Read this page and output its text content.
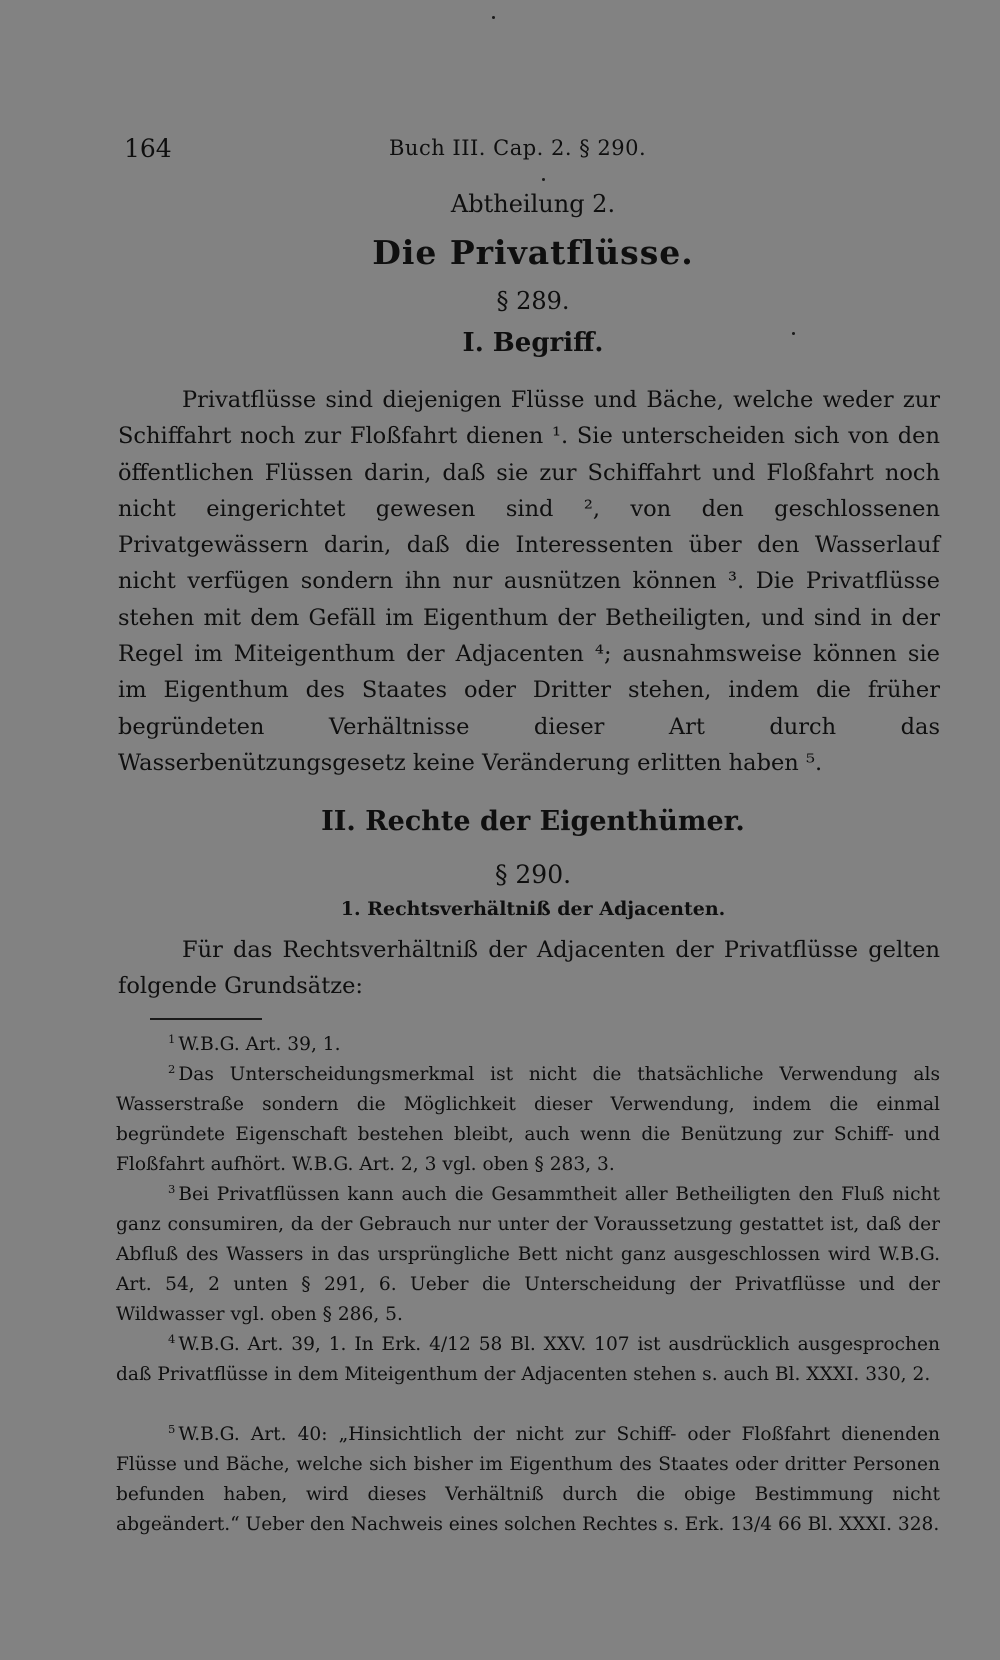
164	Buch III. Cap. 2. § 290.
Abtheilung 2.
Die Privatflüsse.
§ 289.
I. Begriff.
Privatflüsse sind diejenigen Flüsse und Bäche, welche weder zur Schiffahrt noch zur Floßfahrt dienen ¹. Sie unterscheiden sich von den öffentlichen Flüssen darin, daß sie zur Schiffahrt und Floßfahrt noch nicht eingerichtet gewesen sind ², von den geschlossenen Privatgewässern darin, daß die Interessenten über den Wasserlauf nicht verfügen sondern ihn nur ausnützen können ³. Die Privatflüsse stehen mit dem Gefäll im Eigenthum der Betheiligten, und sind in der Regel im Miteigenthum der Adjacenten ⁴; ausnahmsweise können sie im Eigenthum des Staates oder Dritter stehen, indem die früher begründeten Verhältnisse dieser Art durch das Wasserbenützungsgesetz keine Veränderung erlitten haben ⁵.
II. Rechte der Eigenthümer.
§ 290.
1. Rechtsverhältniß der Adjacenten.
Für das Rechtsverhältniß der Adjacenten der Privatflüsse gelten folgende Grundsätze:
$^1$ W.B.G. Art. 39, 1.
$^2$ Das Unterscheidungsmerkmal ist nicht die thatsächliche Verwendung als Wasserstraße sondern die Möglichkeit dieser Verwendung, indem die einmal begründete Eigenschaft bestehen bleibt, auch wenn die Benützung zur Schiff- und Floßfahrt aufhört. W.B.G. Art. 2, 3 vgl. oben § 283, 3.
$^3$ Bei Privatflüssen kann auch die Gesammtheit aller Betheiligten den Fluß nicht ganz consumiren, da der Gebrauch nur unter der Voraussetzung gestattet ist, daß der Abfluß des Wassers in das ursprüngliche Bett nicht ganz ausgeschlossen wird W.B.G. Art. 54, 2 unten § 291, 6. Ueber die Unterscheidung der Privatflüsse und der Wildwasser vgl. oben § 286, 5.
$^4$ W.B.G. Art. 39, 1. In Erk. 4/12 58 Bl. XXV. 107 ist ausdrücklich ausgesprochen daß Privatflüsse in dem Miteigenthum der Adjacenten stehen s. auch Bl. XXXI. 330, 2.
$^5$ W.B.G. Art. 40: „Hinsichtlich der nicht zur Schiff- oder Floßfahrt dienenden Flüsse und Bäche, welche sich bisher im Eigenthum des Staates oder dritter Personen befunden haben, wird dieses Verhältniß durch die obige Bestimmung nicht abgeändert.“ Ueber den Nachweis eines solchen Rechtes s. Erk. 13/4 66 Bl. XXXI. 328.
